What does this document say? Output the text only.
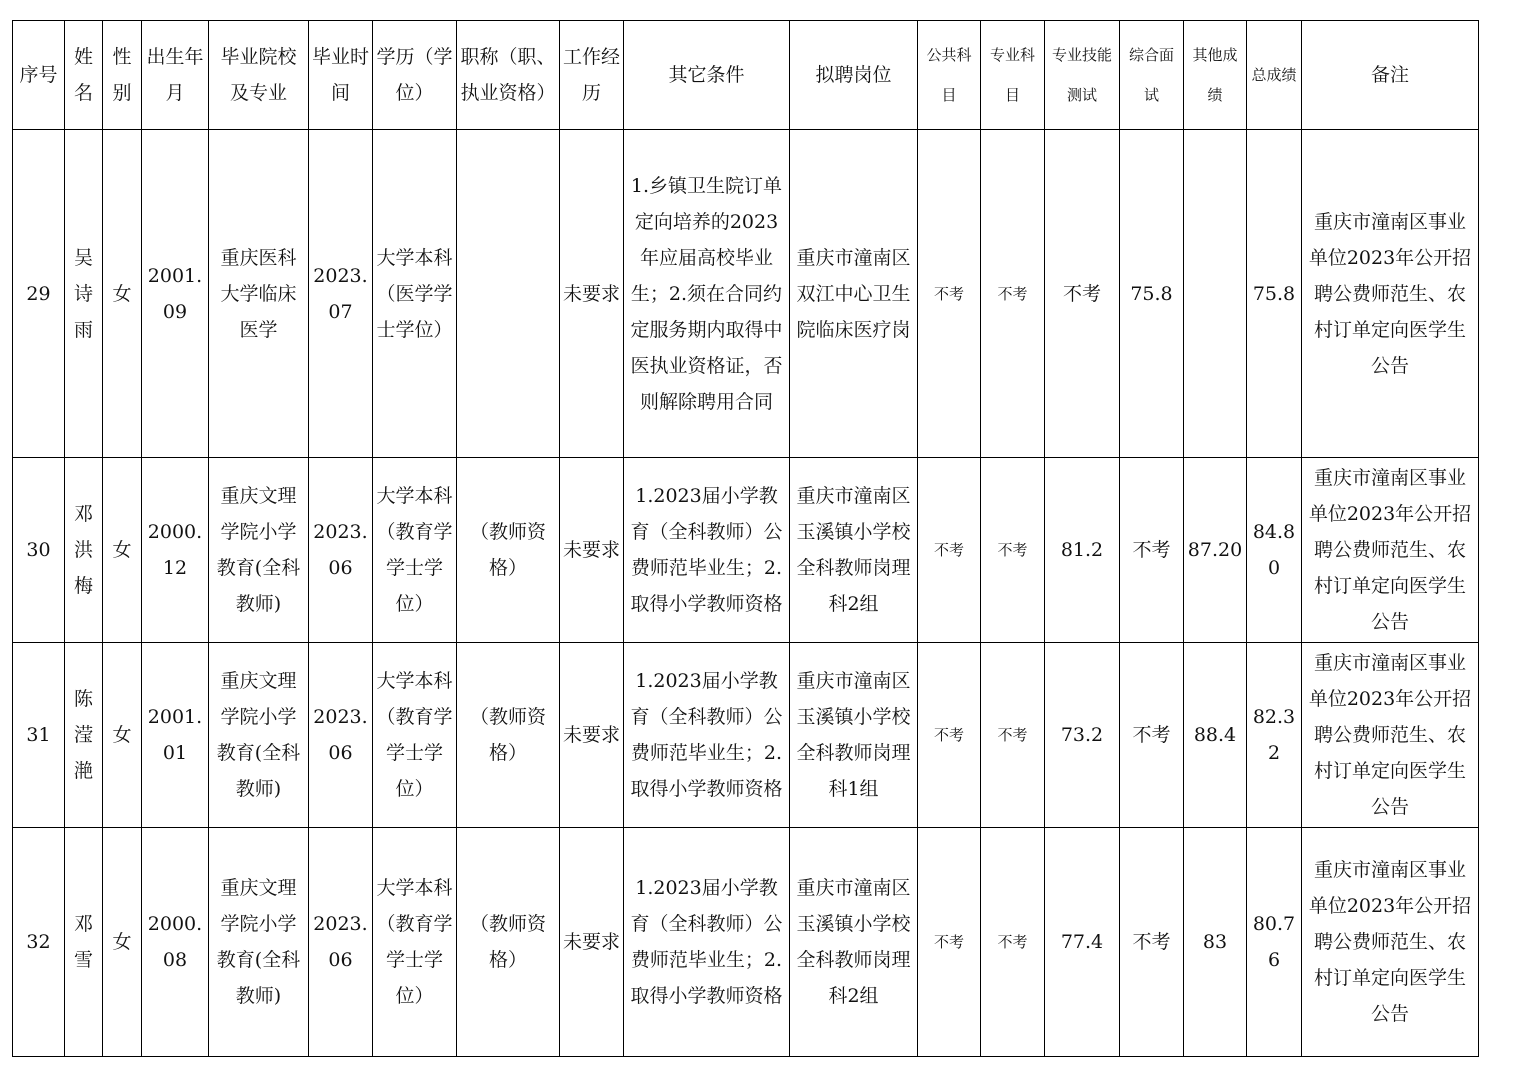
序号	姓名	性别	出生年月	毕业院校及专业	毕业时间	学历（学位）	职称（职、执业资格）	工作经历	其它条件	拟聘岗位	公共科目	专业科目	专业技能测试	综合面试	其他成绩	总成绩	备注
29	吴诗雨	女	2001.09	重庆医科大学临床医学	2023.07	大学本科（医学学士学位）		未要求	1.乡镇卫生院订单定向培养的2023年应届高校毕业生；2.须在合同约定服务期内取得中医执业资格证，否则解除聘用合同	重庆市潼南区双江中心卫生院临床医疗岗	不考	不考	不考	75.8		75.8	重庆市潼南区事业单位2023年公开招聘公费师范生、农村订单定向医学生公告
30	邓洪梅	女	2000.12	重庆文理学院小学教育(全科教师)	2023.06	大学本科（教育学学士学位）	（教师资格）	未要求	1.2023届小学教育（全科教师）公费师范毕业生；2.取得小学教师资格	重庆市潼南区玉溪镇小学校全科教师岗理科2组	不考	不考	81.2	不考	87.20	84.80	重庆市潼南区事业单位2023年公开招聘公费师范生、农村订单定向医学生公告
31	陈滢滟	女	2001.01	重庆文理学院小学教育(全科教师)	2023.06	大学本科（教育学学士学位）	（教师资格）	未要求	1.2023届小学教育（全科教师）公费师范毕业生；2.取得小学教师资格	重庆市潼南区玉溪镇小学校全科教师岗理科1组	不考	不考	73.2	不考	88.4	82.32	重庆市潼南区事业单位2023年公开招聘公费师范生、农村订单定向医学生公告
32	邓雪	女	2000.08	重庆文理学院小学教育(全科教师)	2023.06	大学本科（教育学学士学位）	（教师资格）	未要求	1.2023届小学教育（全科教师）公费师范毕业生；2.取得小学教师资格	重庆市潼南区玉溪镇小学校全科教师岗理科2组	不考	不考	77.4	不考	83	80.76	重庆市潼南区事业单位2023年公开招聘公费师范生、农村订单定向医学生公告
